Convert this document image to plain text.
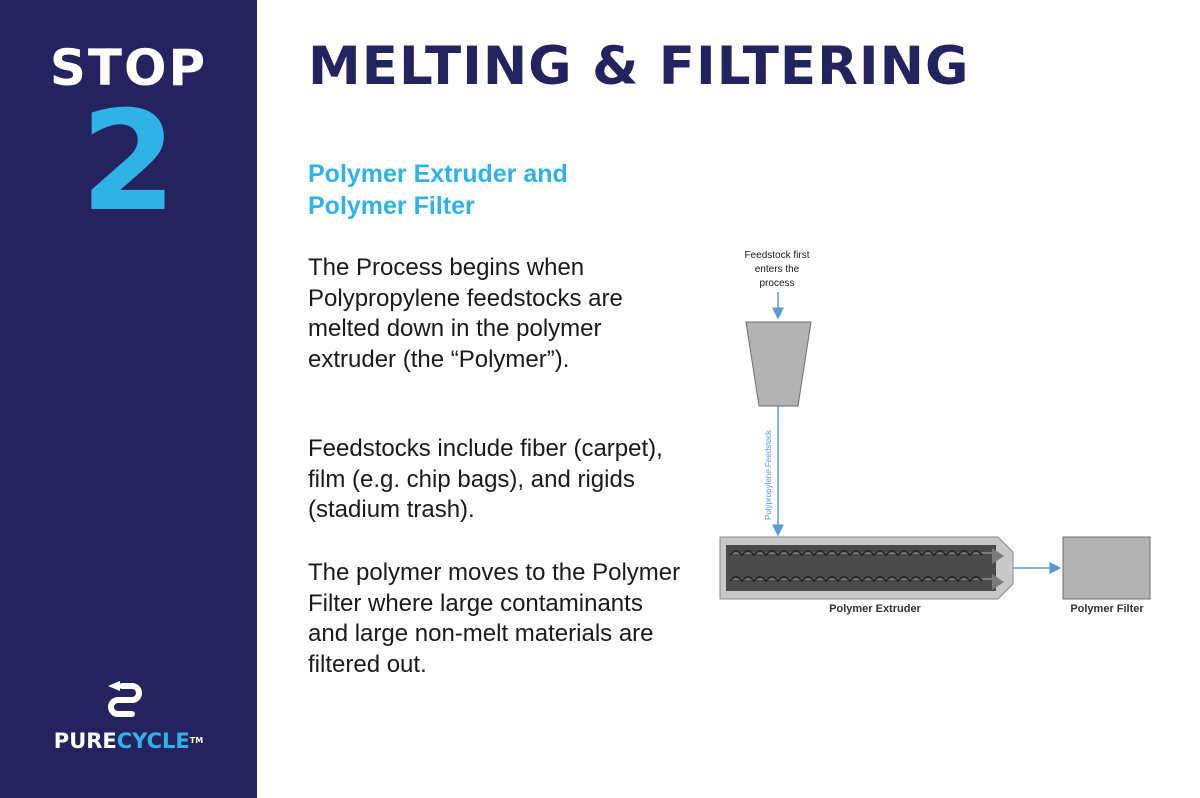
STOP
2
PURECYCLE™
MELTING & FILTERING
Polymer Extruder and
Polymer Filter

The Process begins when Polypropylene feedstocks are melted down in the polymer extruder (the “Polymer”).

Feedstocks include fiber (carpet), film (e.g. chip bags), and rigids (stadium trash).

The polymer moves to the Polymer Filter where large contaminants and large non-melt materials are filtered out.

Feedstock first
enters the
process
Polypropylene Feedstock
Polymer Extruder	Polymer Filter
